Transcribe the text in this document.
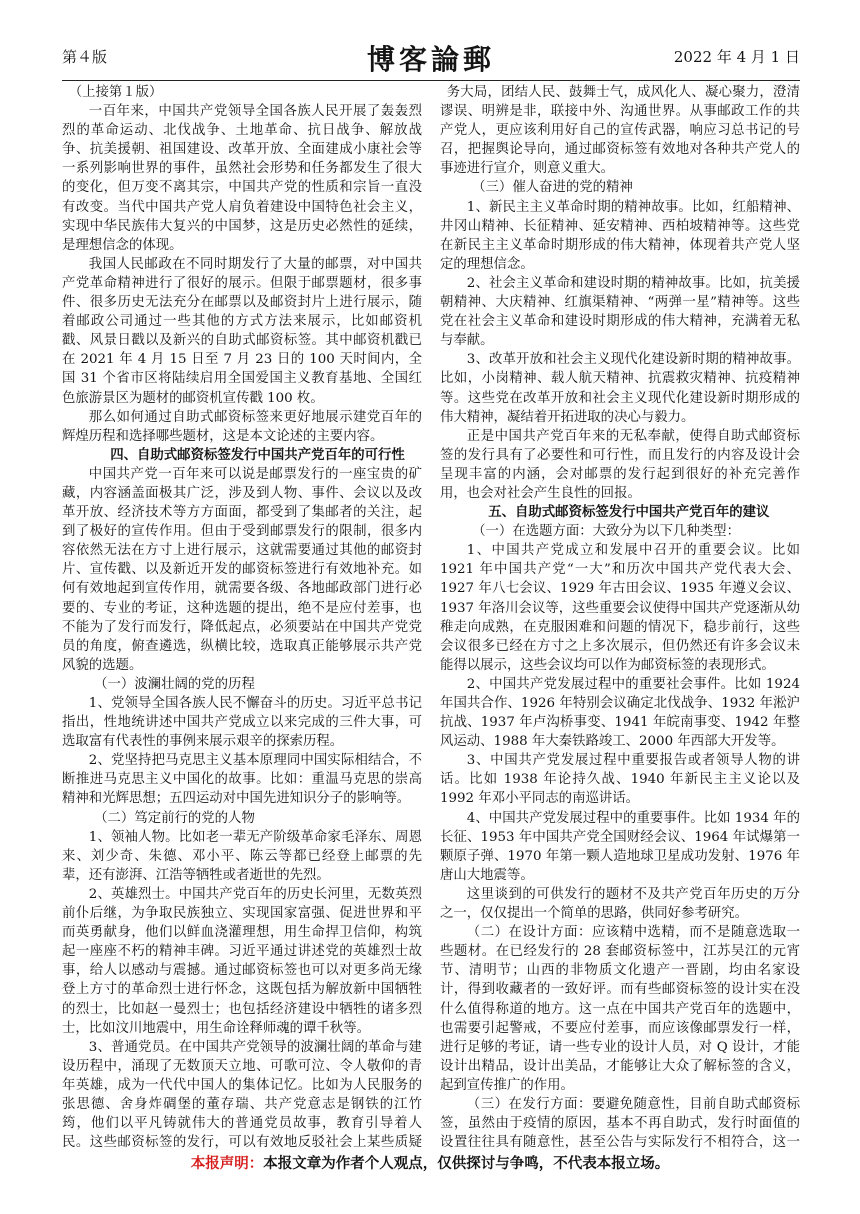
第４版	博客論郵	2022 年 4 月 1 日

（上接第１版）

一百年来，中国共产党领导全国各族人民开展了轰轰烈烈的革命运动、北伐战争、土地革命、抗日战争、解放战争、抗美援朝、祖国建设、改革开放、全面建成小康社会等一系列影响世界的事件，虽然社会形势和任务都发生了很大的变化，但万变不离其宗，中国共产党的性质和宗旨一直没有改变。当代中国共产党人肩负着建设中国特色社会主义，实现中华民族伟大复兴的中国梦，这是历史必然性的延续，是理想信念的体现。

我国人民邮政在不同时期发行了大量的邮票，对中国共产党革命精神进行了很好的展示。但限于邮票题材，很多事件、很多历史无法充分在邮票以及邮资封片上进行展示，随着邮政公司通过一些其他的方式方法来展示，比如邮资机戳、风景日戳以及新兴的自助式邮资标签。其中邮资机戳已在 2021 年 4 月 15 日至 7 月 23 日的 100 天时间内，全国 31 个省市区将陆续启用全国爱国主义教育基地、全国红色旅游景区为题材的邮资机宣传戳 100 枚。

那么如何通过自助式邮资标签来更好地展示建党百年的辉煌历程和选择哪些题材，这是本文论述的主要内容。

四、自助式邮资标签发行中国共产党百年的可行性

中国共产党一百年来可以说是邮票发行的一座宝贵的矿藏，内容涵盖面极其广泛，涉及到人物、事件、会议以及改革开放、经济技术等方方面面，都受到了集邮者的关注，起到了极好的宣传作用。但由于受到邮票发行的限制，很多内容依然无法在方寸上进行展示，这就需要通过其他的邮资封片、宣传戳、以及新近开发的邮资标签进行有效地补充。如何有效地起到宣传作用，就需要各级、各地邮政部门进行必要的、专业的考证，这种选题的提出，绝不是应付差事，也不能为了发行而发行，降低起点，必须要站在中国共产党党员的角度，俯查遴选，纵横比较，选取真正能够展示共产党风貌的选题。

（一）波澜壮阔的党的历程

1、党领导全国各族人民不懈奋斗的历史。习近平总书记指出，性地统讲述中国共产党成立以来完成的三件大事，可选取富有代表性的事例来展示艰辛的探索历程。

2、党坚持把马克思主义基本原理同中国实际相结合，不断推进马克思主义中国化的故事。比如：重温马克思的崇高精神和光辉思想；五四运动对中国先进知识分子的影响等。

（二）笃定前行的党的人物

1、领袖人物。比如老一辈无产阶级革命家毛泽东、周恩来、刘少奇、朱德、邓小平、陈云等都已经登上邮票的先辈，还有澎湃、江浩等牺牲或者逝世的先烈。

2、英雄烈士。中国共产党百年的历史长河里，无数英烈前仆后继，为争取民族独立、实现国家富强、促进世界和平而英勇献身，他们以鲜血浇灌理想，用生命捍卫信仰，构筑起一座座不朽的精神丰碑。习近平通过讲述党的英雄烈士故事，给人以感动与震撼。通过邮资标签也可以对更多尚无缘登上方寸的革命烈士进行怀念，这既包括为解放新中国牺牲的烈士，比如赵一曼烈士；也包括经济建设中牺牲的诸多烈士，比如汶川地震中，用生命诠释师魂的谭千秋等。

3、普通党员。在中国共产党领导的波澜壮阔的革命与建设历程中，涌现了无数顶天立地、可歌可泣、令人敬仰的青年英雄，成为一代代中国人的集体记忆。比如为人民服务的张思德、舍身炸碉堡的董存瑞、共产党意志是钢铁的江竹筠，他们以平凡铸就伟大的普通党员故事，教育引导着人民。这些邮资标签的发行，可以有效地反驳社会上某些质疑

务大局，团结人民、鼓舞士气，成风化人、凝心聚力，澄清谬误、明辨是非，联接中外、沟通世界。从事邮政工作的共产党人，更应该利用好自己的宣传武器，响应习总书记的号召，把握舆论导向，通过邮资标签有效地对各种共产党人的事迹进行宣介，则意义重大。

（三）催人奋进的党的精神

1、新民主主义革命时期的精神故事。比如，红船精神、井冈山精神、长征精神、延安精神、西柏坡精神等。这些党在新民主主义革命时期形成的伟大精神，体现着共产党人坚定的理想信念。

2、社会主义革命和建设时期的精神故事。比如，抗美援朝精神、大庆精神、红旗渠精神、“两弹一星”精神等。这些党在社会主义革命和建设时期形成的伟大精神，充满着无私与奉献。

3、改革开放和社会主义现代化建设新时期的精神故事。比如，小岗精神、载人航天精神、抗震救灾精神、抗疫精神等。这些党在改革开放和社会主义现代化建设新时期形成的伟大精神，凝结着开拓进取的决心与毅力。

正是中国共产党百年来的无私奉献，使得自助式邮资标签的发行具有了必要性和可行性，而且发行的内容及设计会呈现丰富的内涵，会对邮票的发行起到很好的补充完善作用，也会对社会产生良性的回报。

五、自助式邮资标签发行中国共产党百年的建议

（一）在选题方面：大致分为以下几种类型：

1、中国共产党成立和发展中召开的重要会议。比如 1921 年中国共产党“一大”和历次中国共产党代表大会、1927 年八七会议、1929 年古田会议、1935 年遵义会议、1937 年洛川会议等，这些重要会议使得中国共产党逐渐从幼稚走向成熟，在克服困难和问题的情况下，稳步前行，这些会议很多已经在方寸之上多次展示，但仍然还有许多会议未能得以展示，这些会议均可以作为邮资标签的表现形式。

2、中国共产党发展过程中的重要社会事件。比如 1924 年国共合作、1926 年特别会议确定北伐战争、1932 年淞沪抗战、1937 年卢沟桥事变、1941 年皖南事变、1942 年整风运动、1988 年大秦铁路竣工、2000 年西部大开发等。

3、中国共产党发展过程中重要报告或者领导人物的讲话。比如 1938 年论持久战、1940 年新民主主义论以及 1992 年邓小平同志的南巡讲话。

4、中国共产党发展过程中的重要事件。比如 1934 年的长征、1953 年中国共产党全国财经会议、1964 年试爆第一颗原子弹、1970 年第一颗人造地球卫星成功发射、1976 年唐山大地震等。

这里谈到的可供发行的题材不及共产党百年历史的万分之一，仅仅提出一个简单的思路，供同好参考研究。

（二）在设计方面：应该精中选精，而不是随意选取一些题材。在已经发行的 28 套邮资标签中，江苏吴江的元宵节、清明节；山西的非物质文化遗产一晋剧，均由名家设计，得到收藏者的一致好评。而有些邮资标签的设计实在没什么值得称道的地方。这一点在中国共产党百年的选题中，也需要引起警戒，不要应付差事，而应该像邮票发行一样，进行足够的考证，请一些专业的设计人员，对 Q 设计，才能设计出精品，设计出美品，才能够让大众了解标签的含义，起到宣传推广的作用。

（三）在发行方面：要避免随意性，目前自助式邮资标签，虽然由于疫情的原因，基本不再自助式，发行时面值的设置往往具有随意性，甚至公告与实际发行不相符合，这一

本报声明：本报文章为作者个人观点，仅供探讨与争鸣，不代表本报立场。
